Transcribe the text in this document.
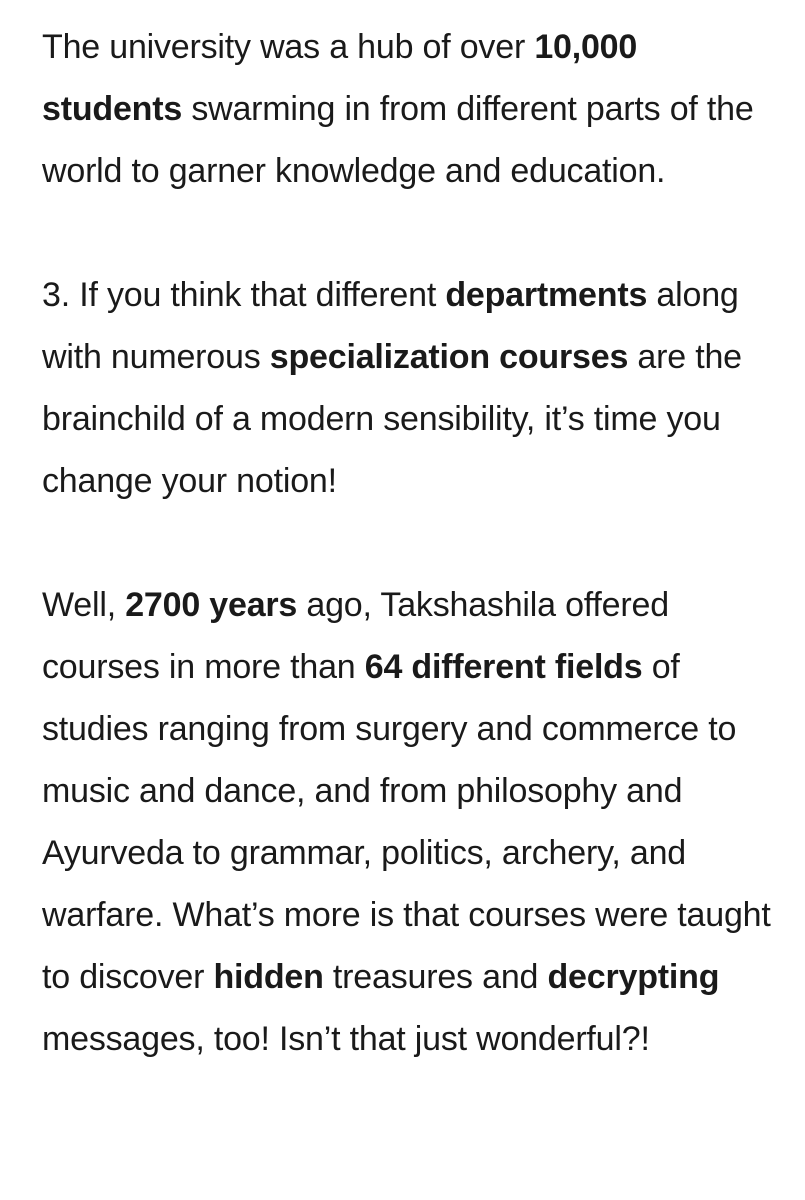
The university was a hub of over 10,000 students swarming in from different parts of the world to garner knowledge and education.

3. If you think that different departments along with numerous specialization courses are the brainchild of a modern sensibility, it’s time you change your notion!

Well, 2700 years ago, Takshashila offered courses in more than 64 different fields of studies ranging from surgery and commerce to music and dance, and from philosophy and Ayurveda to grammar, politics, archery, and warfare. What’s more is that courses were taught to discover hidden treasures and decrypting messages, too! Isn’t that just wonderful?!
